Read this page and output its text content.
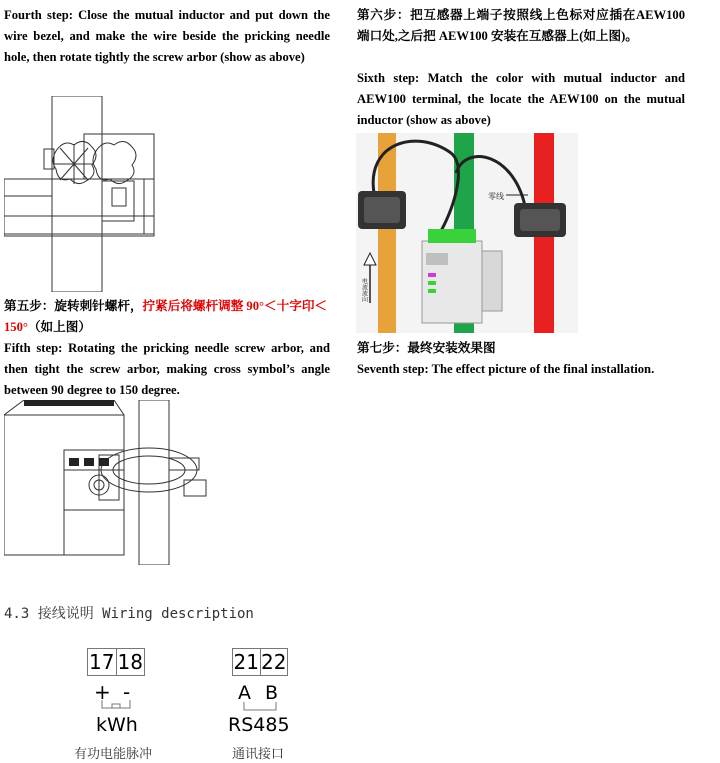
Fourth step: Close the mutual inductor and put down the wire bezel, and make the wire beside the pricking needle hole, then rotate tightly the screw arbor (show as above)
第五步：旋转刺针螺杆，拧紧后将螺杆调整 90°＜十字印＜150°（如上图）
Fifth step: Rotating the pricking needle screw arbor, and then tight the screw arbor, making cross symbol’s angle between 90 degree to 150 degree.
第六步：把互感器上端子按照线上色标对应插在AEW100 端口处,之后把 AEW100 安装在互感器上(如上图)。
Sixth step: Match the color with mutual inductor and AEW100 terminal, the locate the AEW100 on the mutual inductor (show as above)
零线
电流流向
第七步：最终安装效果图
Seventh step: The effect picture of the final installation.
4.3 接线说明 Wiring description
17 18
+ -
kWh
有功电能脉冲
21 22
A B
RS485
通讯接口
